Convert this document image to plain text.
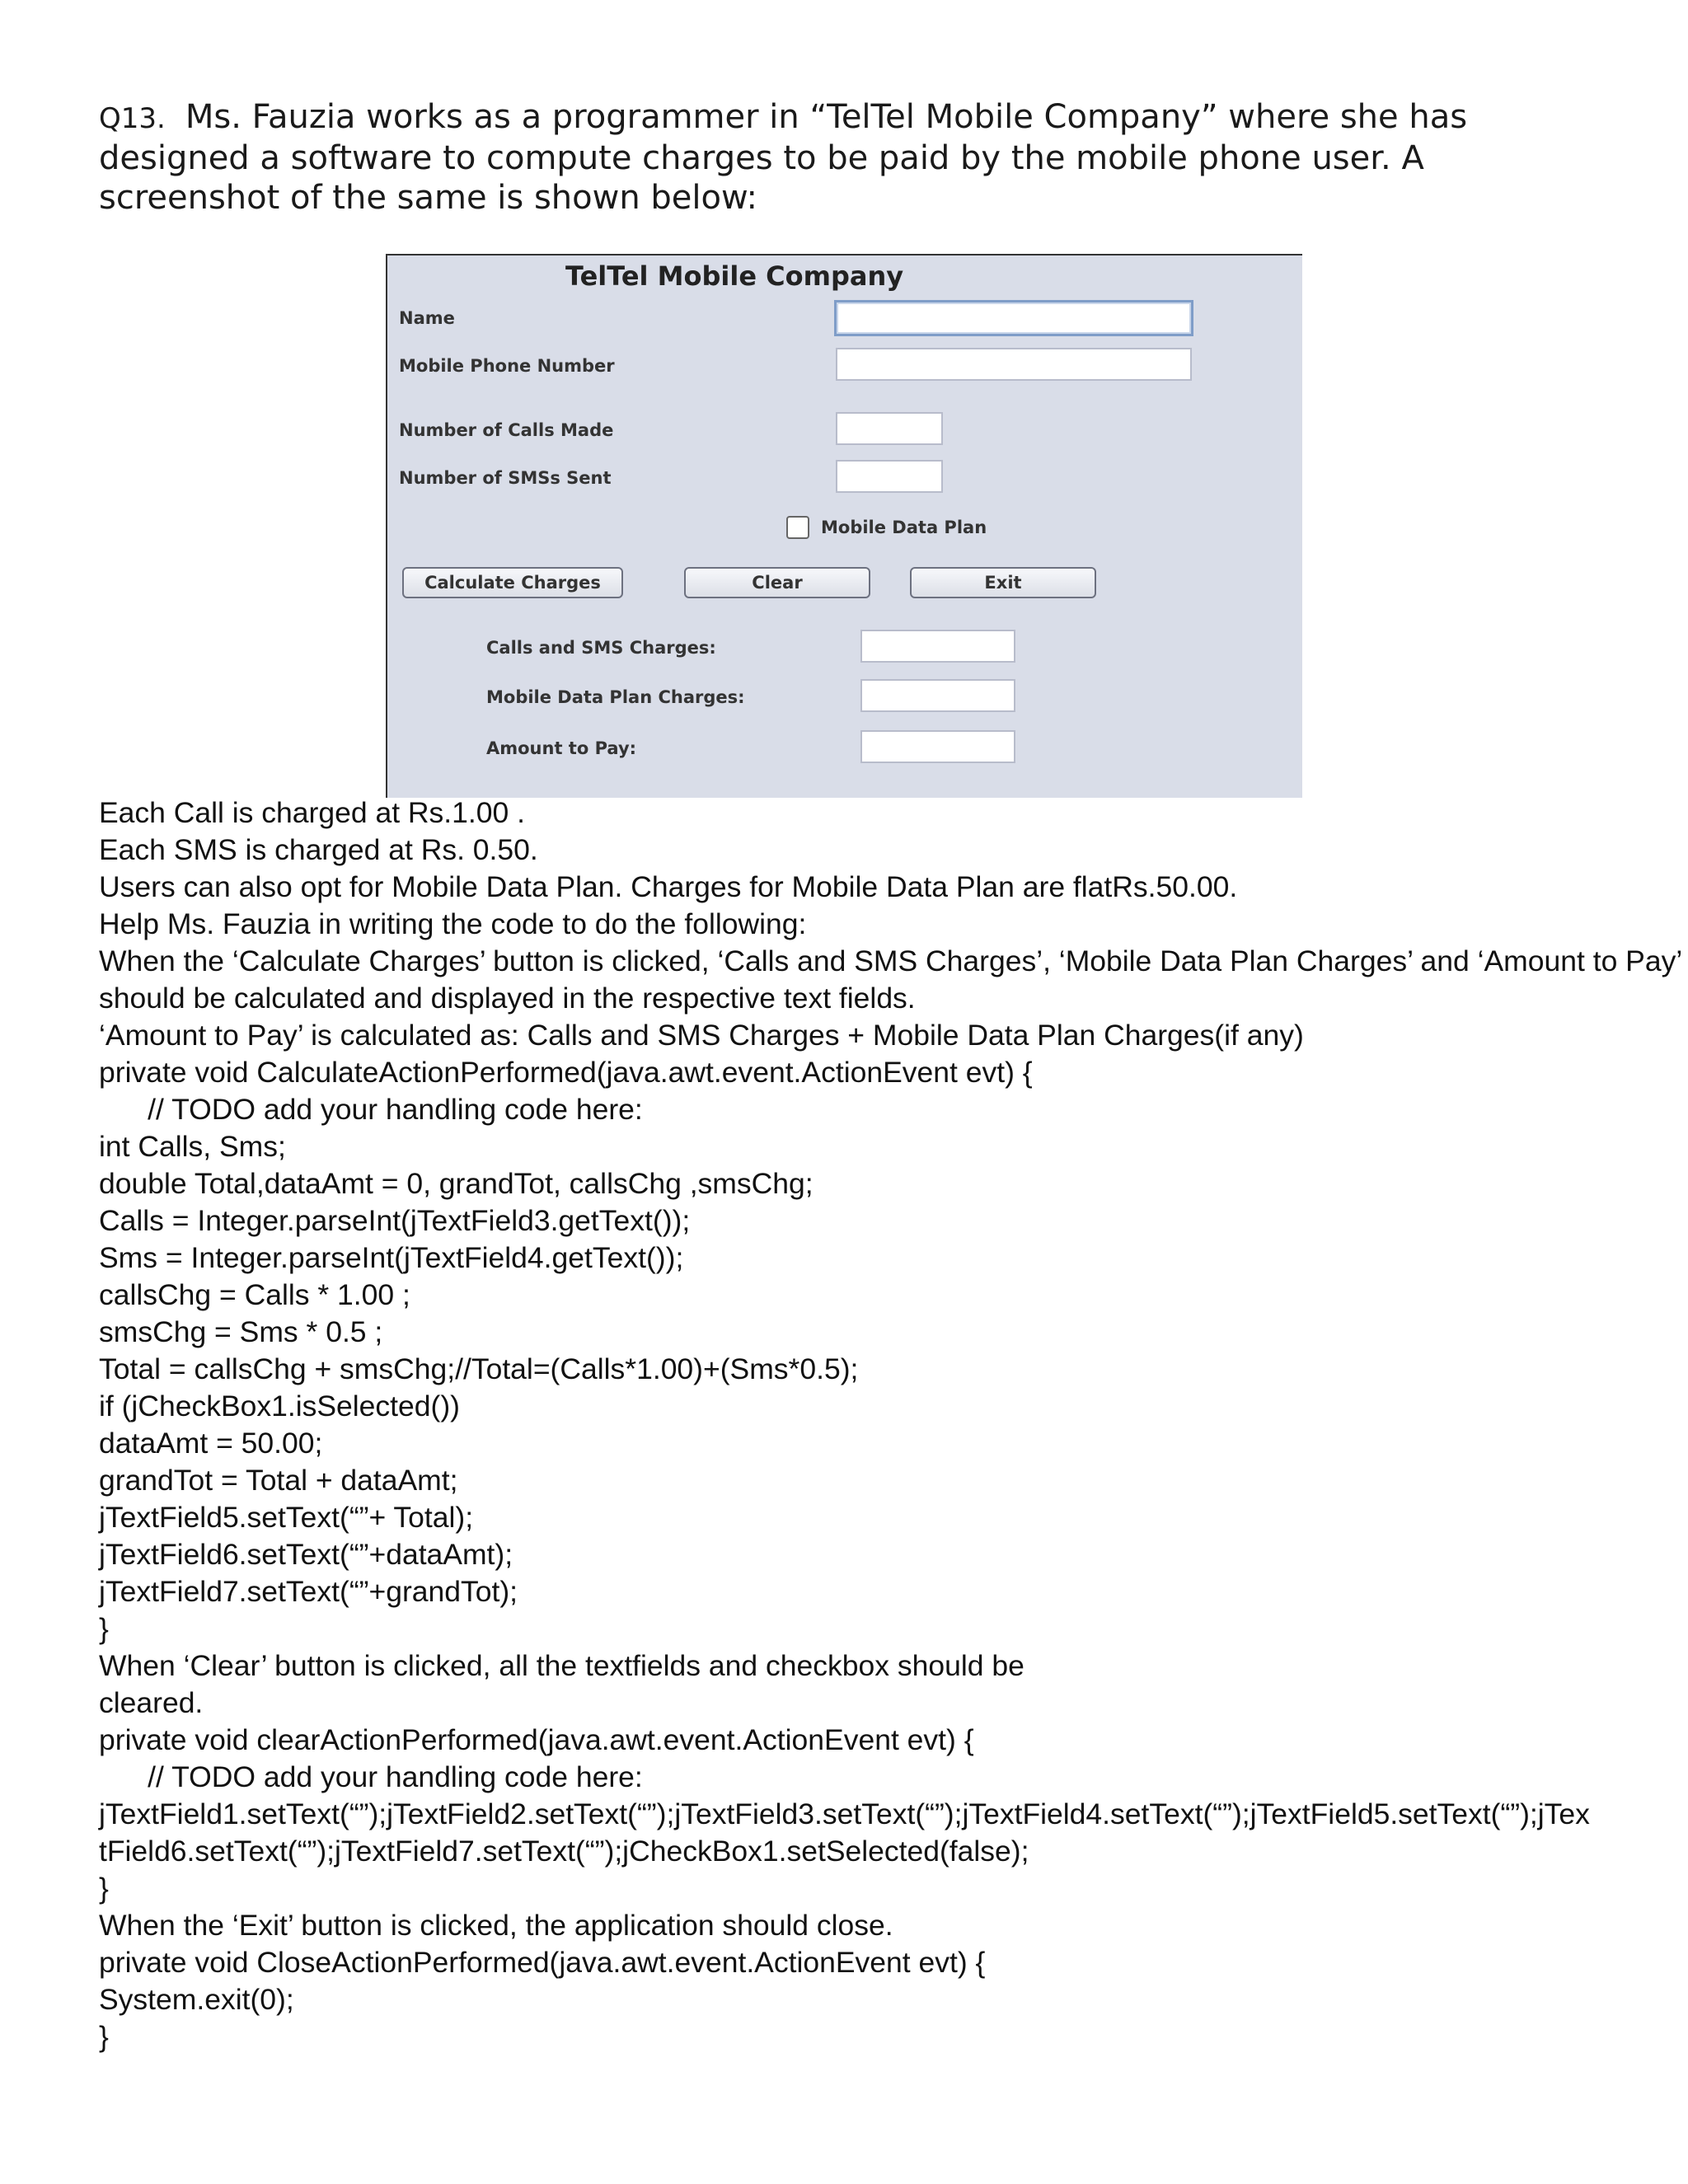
Q13. Ms. Fauzia works as a programmer in “TelTel Mobile Company” where she has designed a software to compute charges to be paid by the mobile phone user. A screenshot of the same is shown below:
TelTel Mobile Company
Name
Mobile Phone Number
Number of Calls Made
Number of SMSs Sent
Mobile Data Plan
Calculate Charges	Clear	Exit
Calls and SMS Charges:
Mobile Data Plan Charges:
Amount to Pay:
Each Call is charged at Rs.1.00 .
Each SMS is charged at Rs. 0.50.
Users can also opt for Mobile Data Plan. Charges for Mobile Data Plan are flatRs.50.00.
Help Ms. Fauzia in writing the code to do the following:
When the ‘Calculate Charges’ button is clicked, ‘Calls and SMS Charges’, ‘Mobile Data Plan Charges’ and ‘Amount to Pay’
should be calculated and displayed in the respective text fields.
‘Amount to Pay’ is calculated as: Calls and SMS Charges + Mobile Data Plan Charges(if any)
private void CalculateActionPerformed(java.awt.event.ActionEvent evt) {
// TODO add your handling code here:
int Calls, Sms;
double Total,dataAmt = 0, grandTot, callsChg ,smsChg;
Calls = Integer.parseInt(jTextField3.getText());
Sms = Integer.parseInt(jTextField4.getText());
callsChg = Calls * 1.00 ;
smsChg = Sms * 0.5 ;
Total = callsChg + smsChg;//Total=(Calls*1.00)+(Sms*0.5);
if (jCheckBox1.isSelected())
dataAmt = 50.00;
grandTot = Total + dataAmt;
jTextField5.setText(“”+ Total);
jTextField6.setText(“”+dataAmt);
jTextField7.setText(“”+grandTot);
}
When ‘Clear’ button is clicked, all the textfields and checkbox should be
cleared.
private void clearActionPerformed(java.awt.event.ActionEvent evt) {
// TODO add your handling code here:
jTextField1.setText(“”);jTextField2.setText(“”);jTextField3.setText(“”);jTextField4.setText(“”);jTextField5.setText(“”);jTex
tField6.setText(“”);jTextField7.setText(“”);jCheckBox1.setSelected(false);
}
When the ‘Exit’ button is clicked, the application should close.
private void CloseActionPerformed(java.awt.event.ActionEvent evt) {
System.exit(0);
}
